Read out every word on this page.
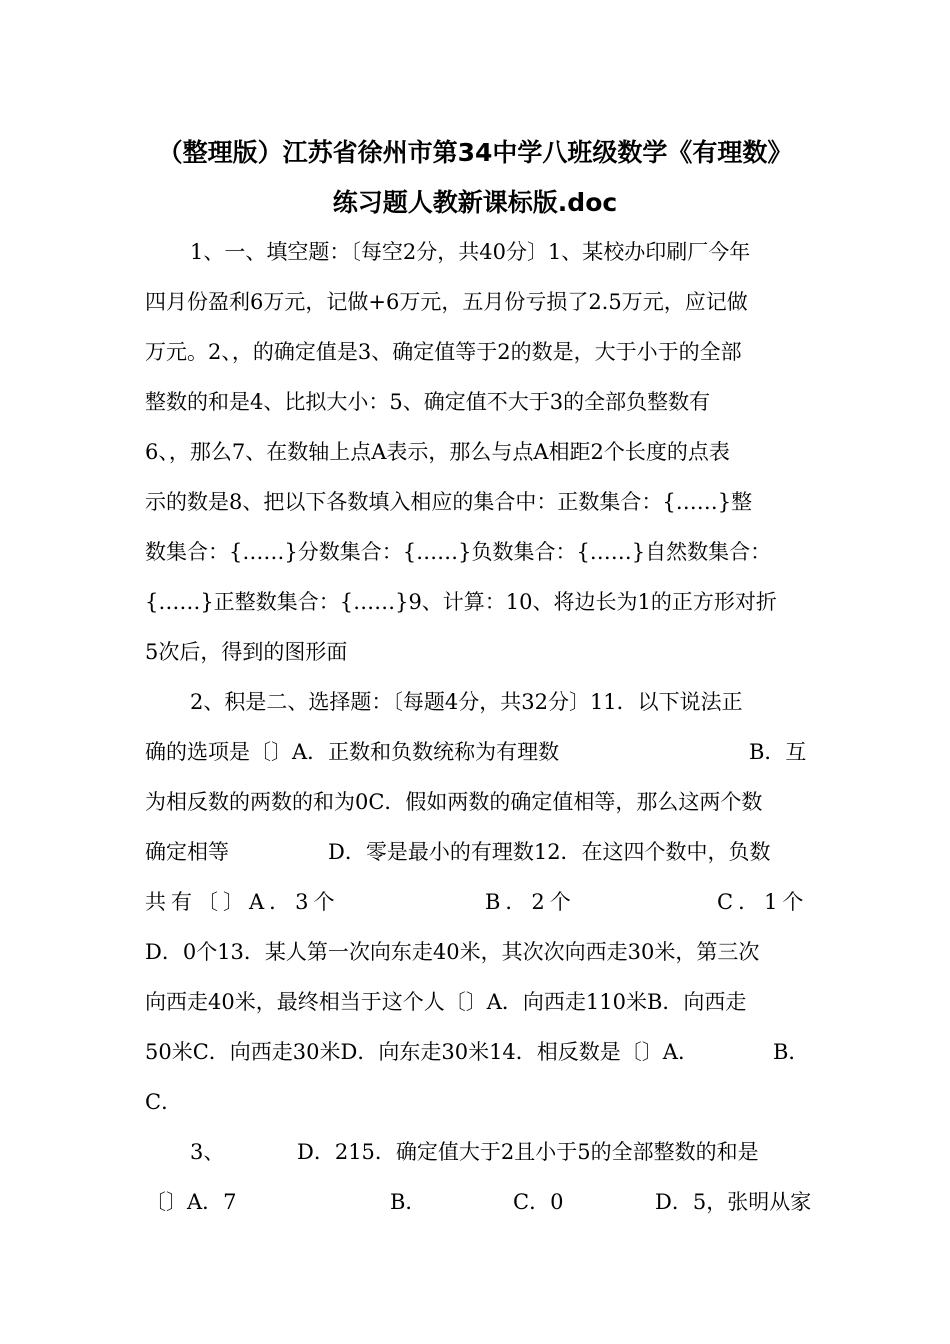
（整理版）江苏省徐州市第34中学八班级数学《有理数》
练习题人教新课标版.doc
1、一、填空题：〔每空2分，共40分〕1、某校办印刷厂今年
四月份盈利6万元，记做+6万元，五月份亏损了2.5万元，应记做
万元。2、，的确定值是3、确定值等于2的数是，大于小于的全部
整数的和是4、比拟大小：5、确定值不大于3的全部负整数有
6、，那么7、在数轴上点A表示，那么与点A相距2个长度的点表
示的数是8、把以下各数填入相应的集合中：正数集合：{……}整
数集合：{……}分数集合：{……}负数集合：{……}自然数集合：
{……}正整数集合：{……}9、计算：10、将边长为1的正方形对折
5次后，得到的图形面
2、积是二、选择题：〔每题4分，共32分〕11．以下说法正
确的选项是〔〕A．正数和负数统称为有理数	B．互
为相反数的两数的和为0C．假如两数的确定值相等，那么这两个数
确定相等	D．零是最小的有理数12．在这四个数中，负数
共有〔〕A．3个	B．2个	C．1个
D．0个13．某人第一次向东走40米，其次次向西走30米，第三次
向西走40米，最终相当于这个人〔〕A．向西走110米B．向西走
50米C．向西走30米D．向东走30米14．相反数是〔〕A．	B．
C．
3、	D．215．确定值大于2且小于5的全部整数的和是
〔〕A．7	B．	C．0	D．5，张明从家
